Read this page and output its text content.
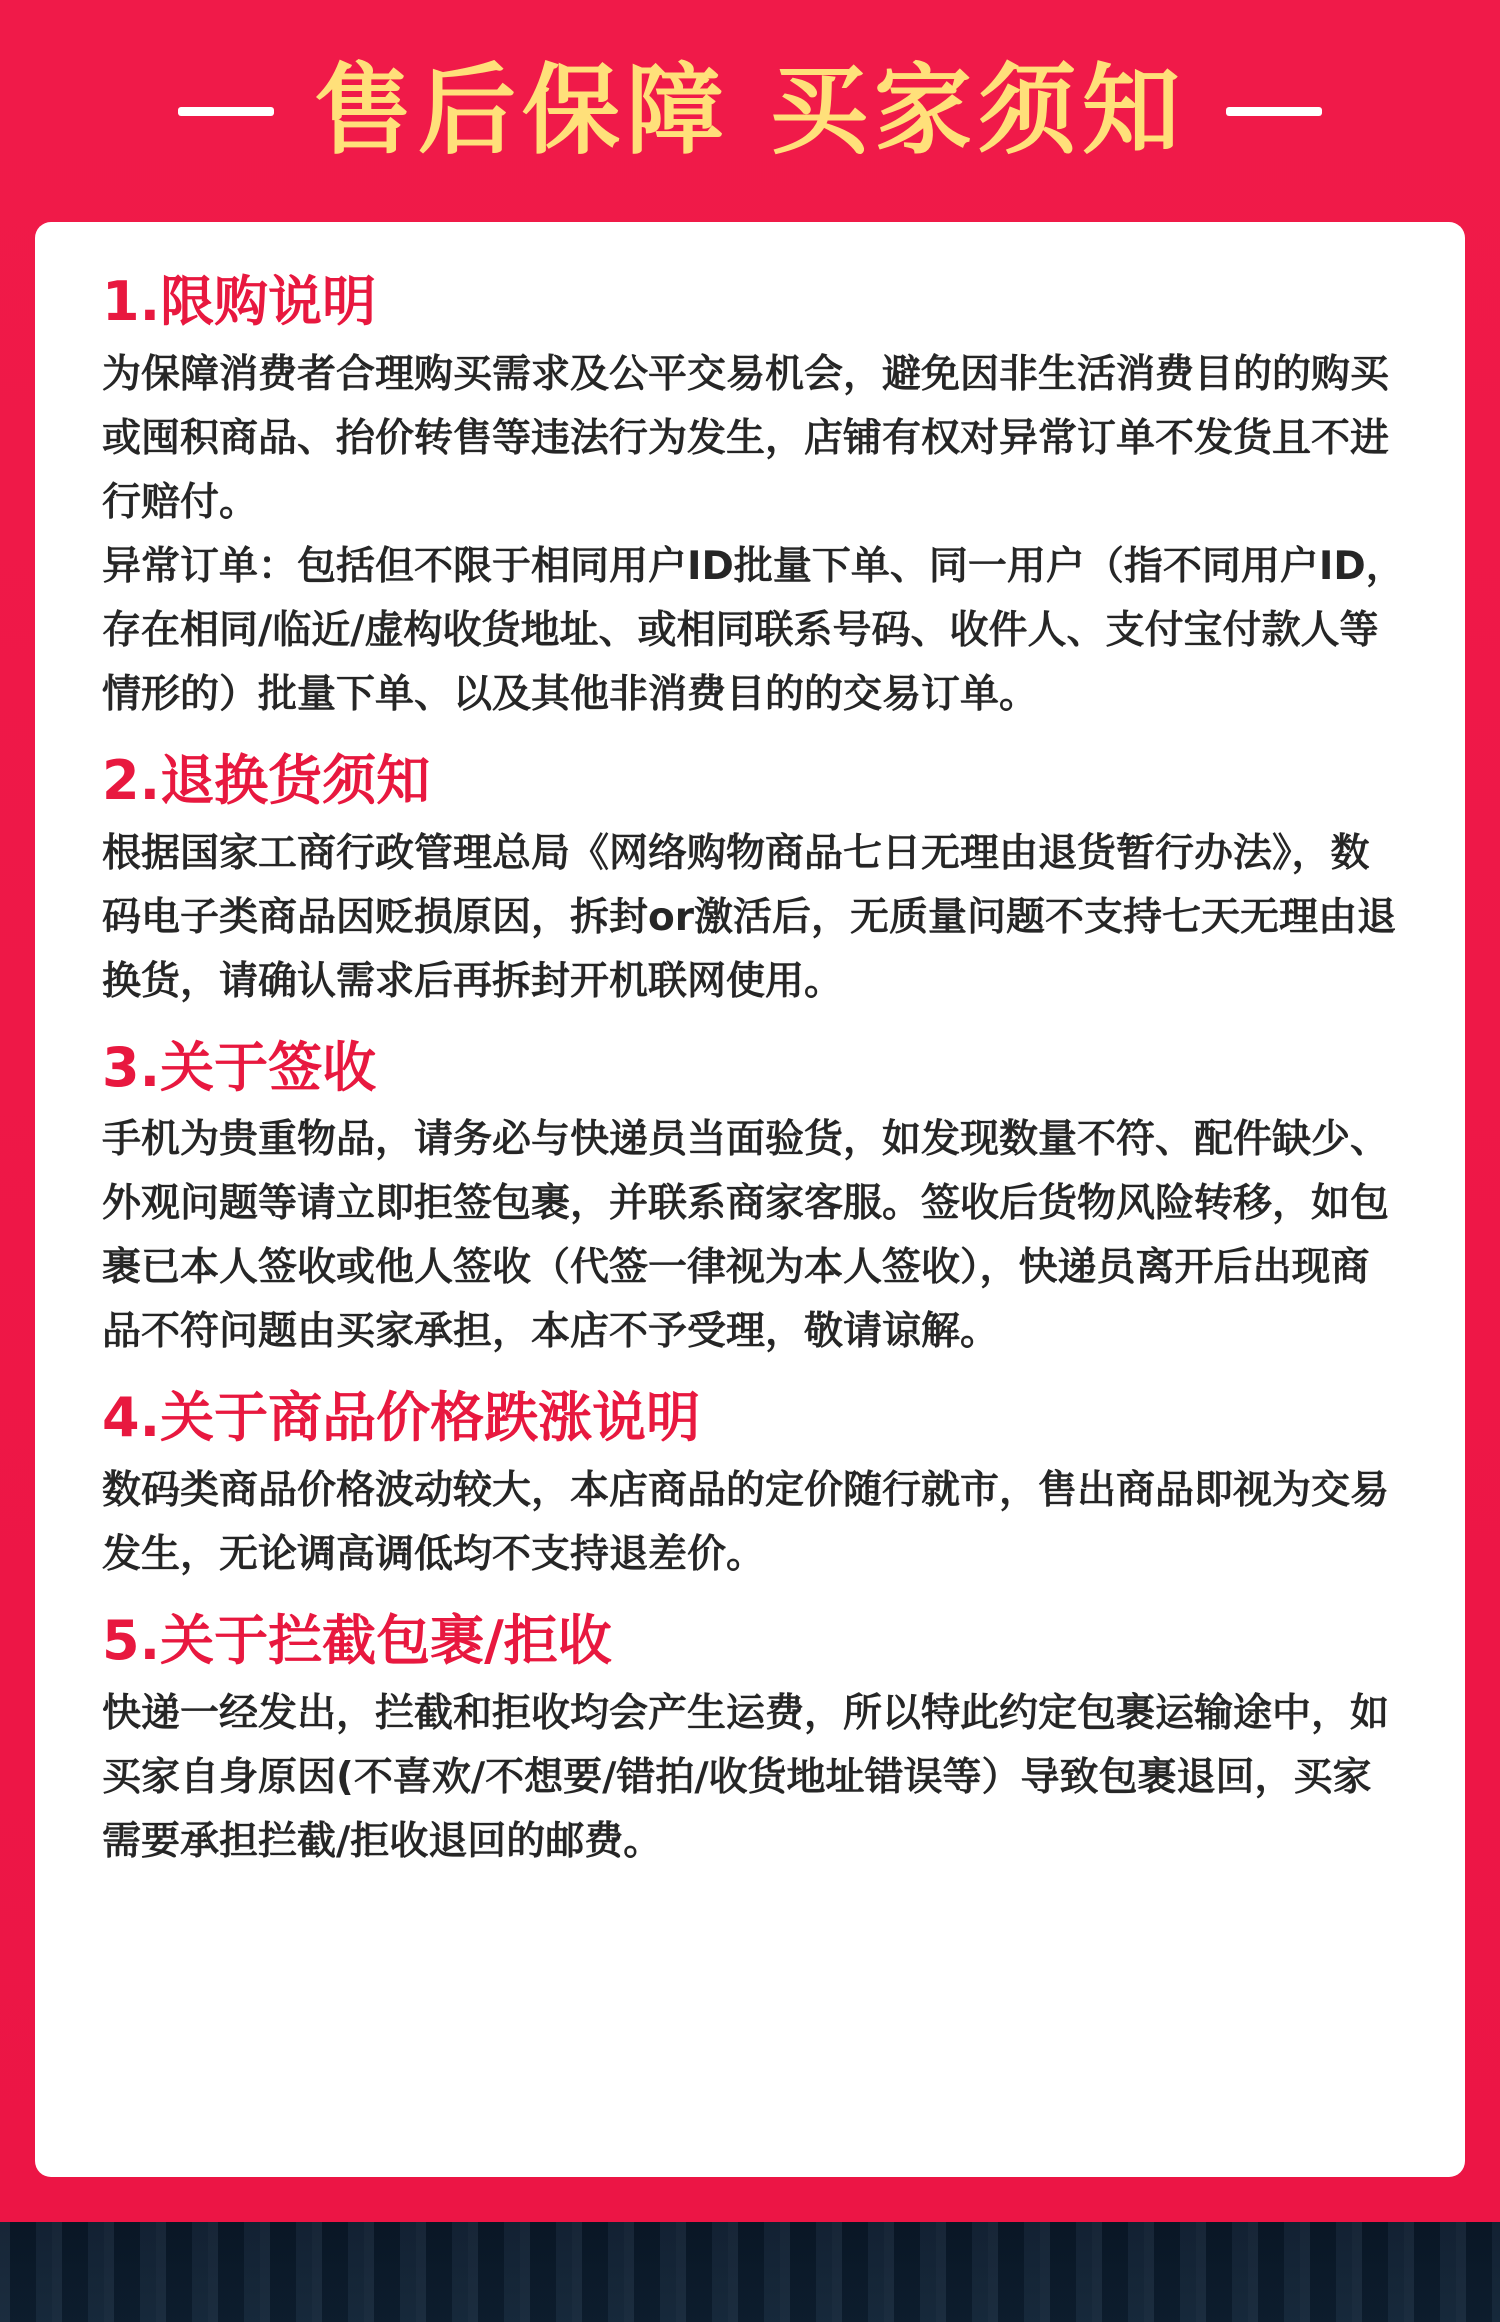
售后保障 买家须知
1.限购说明

为保障消费者合理购买需求及公平交易机会，避免因非生活消费目的的购买或囤积商品、抬价转售等违法行为发生，店铺有权对异常订单不发货且不进行赔付。

异常订单：包括但不限于相同用户ID批量下单、同一用户（指不同用户ID，存在相同/临近/虚构收货地址、或相同联系号码、收件人、支付宝付款人等情形的）批量下单、以及其他非消费目的的交易订单。

2.退换货须知

根据国家工商行政管理总局《网络购物商品七日无理由退货暂行办法》，数码电子类商品因贬损原因，拆封or激活后，无质量问题不支持七天无理由退换货，请确认需求后再拆封开机联网使用。

3.关于签收

手机为贵重物品，请务必与快递员当面验货，如发现数量不符、配件缺少、外观问题等请立即拒签包裹，并联系商家客服。签收后货物风险转移，如包裹已本人签收或他人签收（代签一律视为本人签收），快递员离开后出现商品不符问题由买家承担，本店不予受理，敬请谅解。

4.关于商品价格跌涨说明

数码类商品价格波动较大，本店商品的定价随行就市，售出商品即视为交易发生，无论调高调低均不支持退差价。

5.关于拦截包裹/拒收

快递一经发出，拦截和拒收均会产生运费，所以特此约定包裹运输途中，如买家自身原因(不喜欢/不想要/错拍/收货地址错误等）导致包裹退回，买家需要承担拦截/拒收退回的邮费。
